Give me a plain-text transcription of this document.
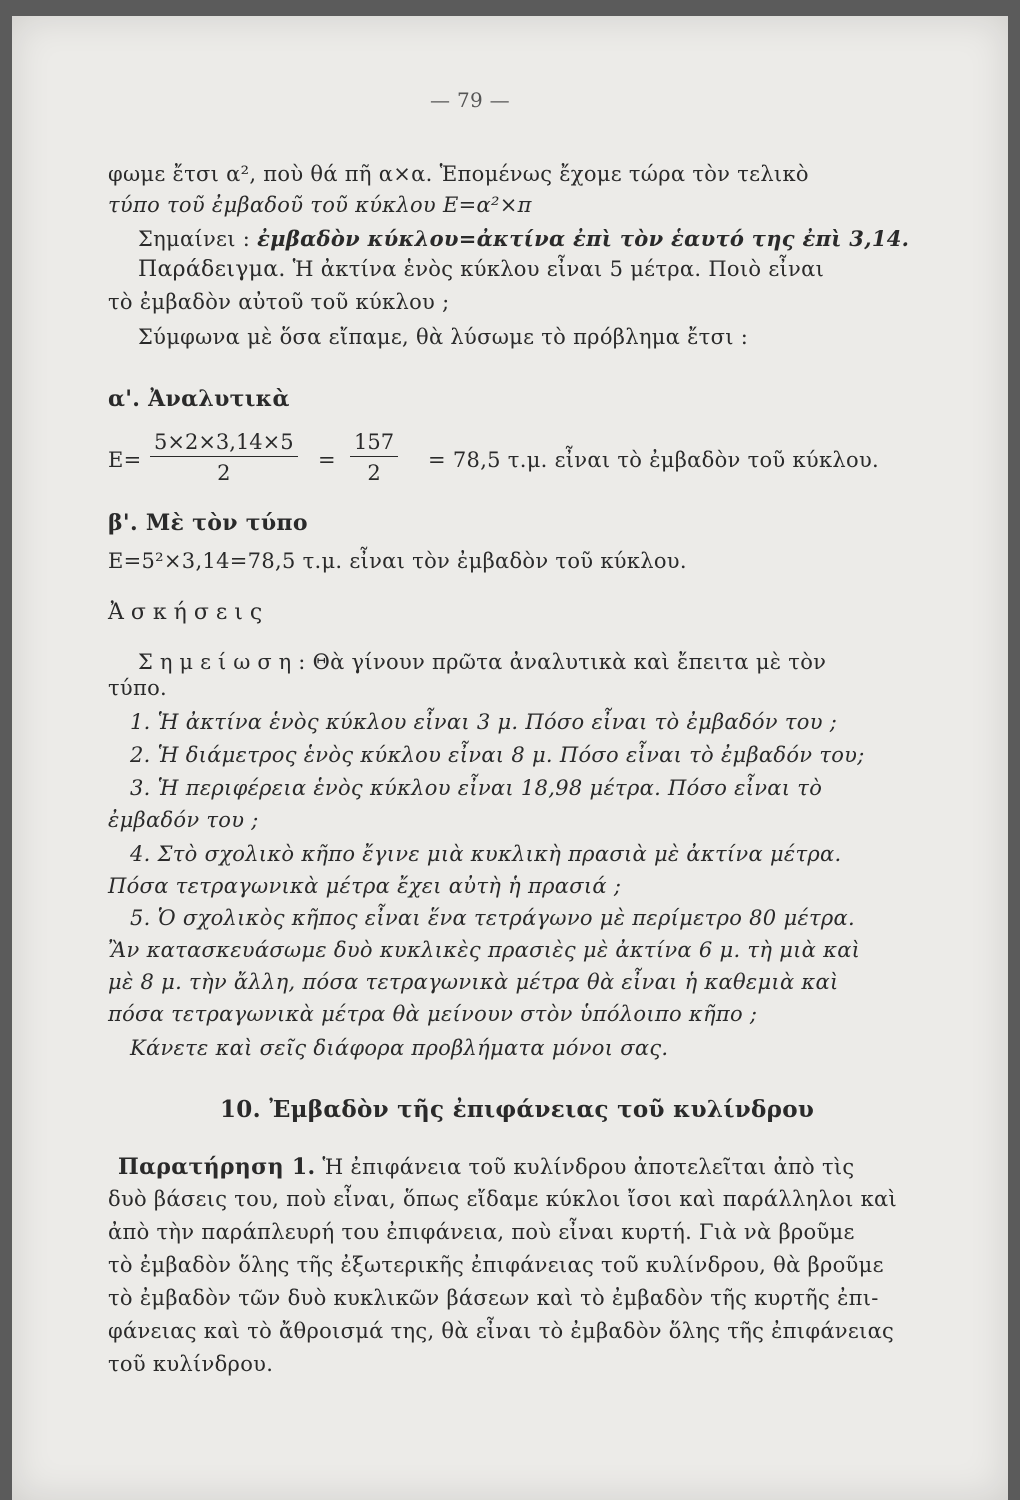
— 79 —
φωμε ἔτσι α², ποὺ θά πῆ α×α. Ἑπομένως ἔχομε τώρα τὸν τελικὸ
τύπο τοῦ ἐμβαδοῦ τοῦ κύκλου Ε=α²×π
Σημαίνει : ἐμβαδὸν κύκλου=ἀκτίνα ἐπὶ τὸν ἑαυτό της ἐπὶ 3,14.
Παράδειγμα. Ἡ ἀκτίνα ἑνὸς κύκλου εἶναι 5 μέτρα. Ποιὸ εἶναι
τὸ ἐμβαδὸν αὐτοῦ τοῦ κύκλου ;
Σύμφωνα μὲ ὅσα εἴπαμε, θὰ λύσωμε τὸ πρόβλημα ἔτσι :
α'. Ἀναλυτικὰ
$E= \frac{5\times 2\times 3,14\times 5}{2} = \frac{157}{2} = 78,5$ τ.μ. εἶναι τὸ ἐμβαδὸν τοῦ κύκλου.
β'. Μὲ τὸν τύπο
Ε=5²×3,14=78,5 τ.μ. εἶναι τὸν ἐμβαδὸν τοῦ κύκλου.
Ἀσκήσεις
Σημείωση: Θὰ γίνουν πρῶτα ἀναλυτικὰ καὶ ἔπειτα μὲ τὸν
τύπο.
1. Ἡ ἀκτίνα ἑνὸς κύκλου εἶναι 3 μ. Πόσο εἶναι τὸ ἐμβαδόν του ;
2. Ἡ διάμετρος ἑνὸς κύκλου εἶναι 8 μ. Πόσο εἶναι τὸ ἐμβαδόν του;
3. Ἡ περιφέρεια ἑνὸς κύκλου εἶναι 18,98 μέτρα. Πόσο εἶναι τὸ
ἐμβαδόν του ;
4. Στὸ σχολικὸ κῆπο ἔγινε μιὰ κυκλικὴ πρασιὰ μὲ ἀκτίνα μέτρα.
Πόσα τετραγωνικὰ μέτρα ἔχει αὐτὴ ἡ πρασιά ;
5. Ὁ σχολικὸς κῆπος εἶναι ἕνα τετράγωνο μὲ περίμετρο 80 μέτρα.
Ἂν κατασκευάσωμε δυὸ κυκλικὲς πρασιὲς μὲ ἀκτίνα 6 μ. τὴ μιὰ καὶ
μὲ 8 μ. τὴν ἄλλη, πόσα τετραγωνικὰ μέτρα θὰ εἶναι ἡ καθεμιὰ καὶ
πόσα τετραγωνικὰ μέτρα θὰ μείνουν στὸν ὑπόλοιπο κῆπο ;
Κάνετε καὶ σεῖς διάφορα προβλήματα μόνοι σας.
10. Ἐμβαδὸν τῆς ἐπιφάνειας τοῦ κυλίνδρου
Παρατήρηση 1. Ἡ ἐπιφάνεια τοῦ κυλίνδρου ἀποτελεῖται ἀπὸ τὶς
δυὸ βάσεις του, ποὺ εἶναι, ὅπως εἴδαμε κύκλοι ἴσοι καὶ παράλληλοι καὶ
ἀπὸ τὴν παράπλευρή του ἐπιφάνεια, ποὺ εἶναι κυρτή. Γιὰ νὰ βροῦμε
τὸ ἐμβαδὸν ὅλης τῆς ἐξωτερικῆς ἐπιφάνειας τοῦ κυλίνδρου, θὰ βροῦμε
τὸ ἐμβαδὸν τῶν δυὸ κυκλικῶν βάσεων καὶ τὸ ἐμβαδὸν τῆς κυρτῆς ἐπι-
φάνειας καὶ τὸ ἄθροισμά της, θὰ εἶναι τὸ ἐμβαδὸν ὅλης τῆς ἐπιφάνειας
τοῦ κυλίνδρου.
